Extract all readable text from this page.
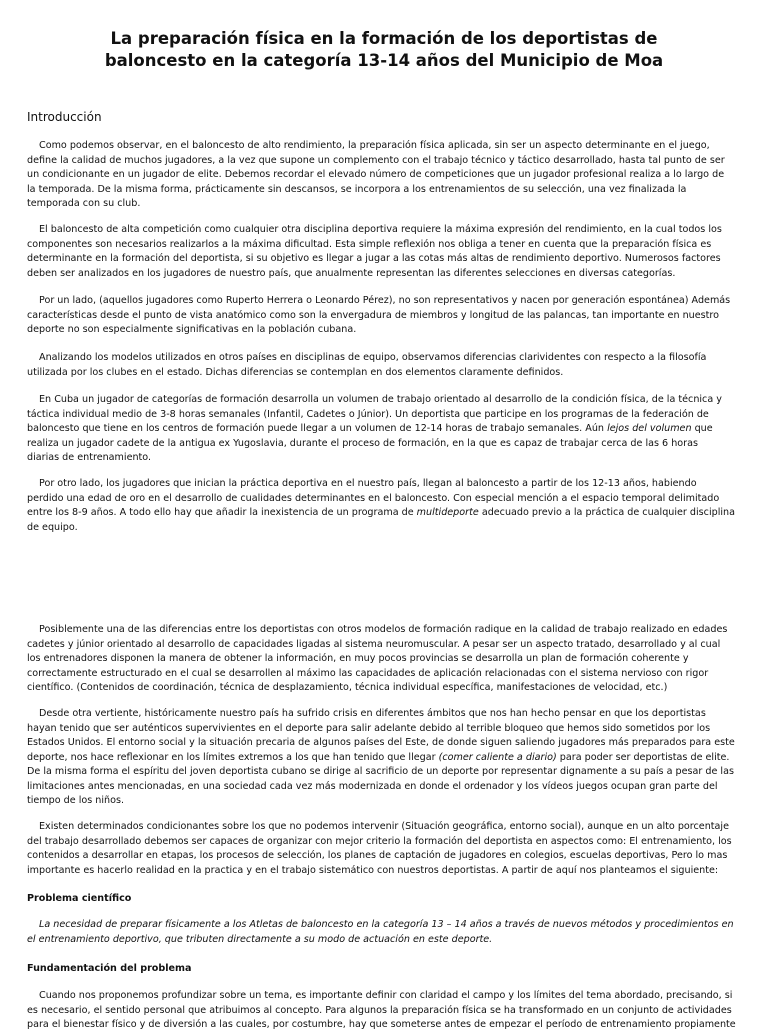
La preparación física en la formación de los deportistas de
baloncesto en la categoría 13-14 años del Municipio de Moa
Introducción
Como podemos observar, en el baloncesto de alto rendimiento, la preparación física aplicada, sin ser un aspecto determinante en el juego,
define la calidad de muchos jugadores, a la vez que supone un complemento con el trabajo técnico y táctico desarrollado, hasta tal punto de ser
un condicionante en un jugador de elite. Debemos recordar el elevado número de competiciones que un jugador profesional realiza a lo largo de
la temporada. De la misma forma, prácticamente sin descansos, se incorpora a los entrenamientos de su selección, una vez finalizada la
temporada con su club.
El baloncesto de alta competición como cualquier otra disciplina deportiva requiere la máxima expresión del rendimiento, en la cual todos los
componentes son necesarios realizarlos a la máxima dificultad. Esta simple reflexión nos obliga a tener en cuenta que la preparación física es
determinante en la formación del deportista, si su objetivo es llegar a jugar a las cotas más altas de rendimiento deportivo. Numerosos factores
deben ser analizados en los jugadores de nuestro país, que anualmente representan las diferentes selecciones en diversas categorías.
Por un lado, (aquellos jugadores como Ruperto Herrera o Leonardo Pérez), no son representativos y nacen por generación espontánea) Además
características desde el punto de vista anatómico como son la envergadura de miembros y longitud de las palancas, tan importante en nuestro
deporte no son especialmente significativas en la población cubana.
Analizando los modelos utilizados en otros países en disciplinas de equipo, observamos diferencias clarividentes con respecto a la filosofía
utilizada por los clubes en el estado. Dichas diferencias se contemplan en dos elementos claramente definidos.
En Cuba un jugador de categorías de formación desarrolla un volumen de trabajo orientado al desarrollo de la condición física, de la técnica y
táctica individual medio de 3-8 horas semanales (Infantil, Cadetes o Júnior). Un deportista que participe en los programas de la federación de
baloncesto que tiene en los centros de formación puede llegar a un volumen de 12-14 horas de trabajo semanales. Aún lejos del volumen que
realiza un jugador cadete de la antigua ex Yugoslavia, durante el proceso de formación, en la que es capaz de trabajar cerca de las 6 horas
diarias de entrenamiento.
Por otro lado, los jugadores que inician la práctica deportiva en el nuestro país, llegan al baloncesto a partir de los 12-13 años, habiendo
perdido una edad de oro en el desarrollo de cualidades determinantes en el baloncesto. Con especial mención a el espacio temporal delimitado
entre los 8-9 años. A todo ello hay que añadir la inexistencia de un programa de multideporte adecuado previo a la práctica de cualquier disciplina
de equipo.
Posiblemente una de las diferencias entre los deportistas con otros modelos de formación radique en la calidad de trabajo realizado en edades
cadetes y júnior orientado al desarrollo de capacidades ligadas al sistema neuromuscular. A pesar ser un aspecto tratado, desarrollado y al cual
los entrenadores disponen la manera de obtener la información, en muy pocos provincias se desarrolla un plan de formación coherente y
correctamente estructurado en el cual se desarrollen al máximo las capacidades de aplicación relacionadas con el sistema nervioso con rigor
científico. (Contenidos de coordinación, técnica de desplazamiento, técnica individual específica, manifestaciones de velocidad, etc.)
Desde otra vertiente, históricamente nuestro país ha sufrido crisis en diferentes ámbitos que nos han hecho pensar en que los deportistas
hayan tenido que ser auténticos supervivientes en el deporte para salir adelante debido al terrible bloqueo que hemos sido sometidos por los
Estados Unidos. El entorno social y la situación precaria de algunos países del Este, de donde siguen saliendo jugadores más preparados para este
deporte, nos hace reflexionar en los límites extremos a los que han tenido que llegar (comer caliente a diario) para poder ser deportistas de elite.
De la misma forma el espíritu del joven deportista cubano se dirige al sacrificio de un deporte por representar dignamente a su país a pesar de las
limitaciones antes mencionadas, en una sociedad cada vez más modernizada en donde el ordenador y los vídeos juegos ocupan gran parte del
tiempo de los niños.
Existen determinados condicionantes sobre los que no podemos intervenir (Situación geográfica, entorno social), aunque en un alto porcentaje
del trabajo desarrollado debemos ser capaces de organizar con mejor criterio la formación del deportista en aspectos como: El entrenamiento, los
contenidos a desarrollar en etapas, los procesos de selección, los planes de captación de jugadores en colegios, escuelas deportivas, Pero lo mas
importante es hacerlo realidad en la practica y en el trabajo sistemático con nuestros deportistas. A partir de aquí nos planteamos el siguiente:
Problema científico
La necesidad de preparar físicamente a los Atletas de baloncesto en la categoría 13 – 14 años a través de nuevos métodos y procedimientos en
el entrenamiento deportivo, que tributen directamente a su modo de actuación en este deporte.
Fundamentación del problema
Cuando nos proponemos profundizar sobre un tema, es importante definir con claridad el campo y los límites del tema abordado, precisando, si
es necesario, el sentido personal que atribuimos al concepto. Para algunos la preparación física se ha transformado en un conjunto de actividades
para el bienestar físico y de diversión a las cuales, por costumbre, hay que someterse antes de empezar el período de entrenamiento propiamente
